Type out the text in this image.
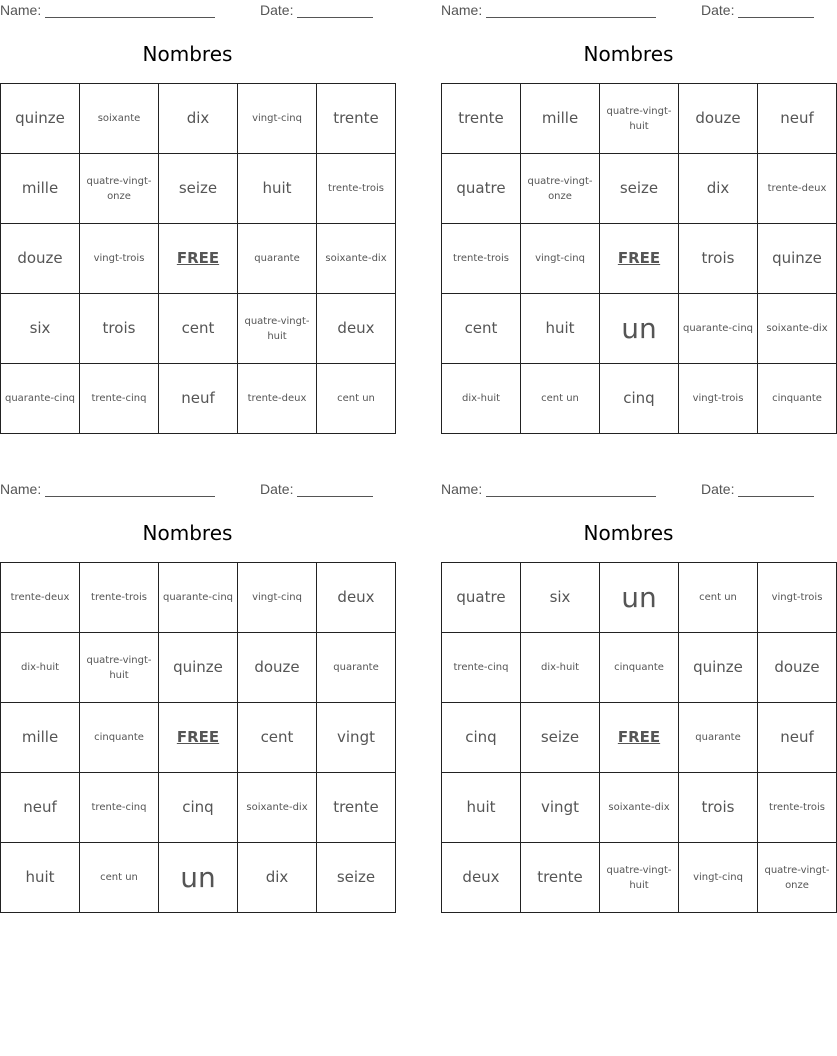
Name:	Date:
Nombres
quinze	soixante	dix	vingt-cinq	trente
mille	quatre-vingt-onze	seize	huit	trente-trois
douze	vingt-trois	FREE	quarante	soixante-dix
six	trois	cent	quatre-vingt-huit	deux
quarante-cinq	trente-cinq	neuf	trente-deux	cent un
Name:	Date:
Nombres
trente	mille	quatre-vingt-huit	douze	neuf
quatre	quatre-vingt-onze	seize	dix	trente-deux
trente-trois	vingt-cinq	FREE	trois	quinze
cent	huit	un	quarante-cinq	soixante-dix
dix-huit	cent un	cinq	vingt-trois	cinquante
Name:	Date:
Nombres
trente-deux	trente-trois	quarante-cinq	vingt-cinq	deux
dix-huit	quatre-vingt-huit	quinze	douze	quarante
mille	cinquante	FREE	cent	vingt
neuf	trente-cinq	cinq	soixante-dix	trente
huit	cent un	un	dix	seize
Name:	Date:
Nombres
quatre	six	un	cent un	vingt-trois
trente-cinq	dix-huit	cinquante	quinze	douze
cinq	seize	FREE	quarante	neuf
huit	vingt	soixante-dix	trois	trente-trois
deux	trente	quatre-vingt-huit	vingt-cinq	quatre-vingt-onze
